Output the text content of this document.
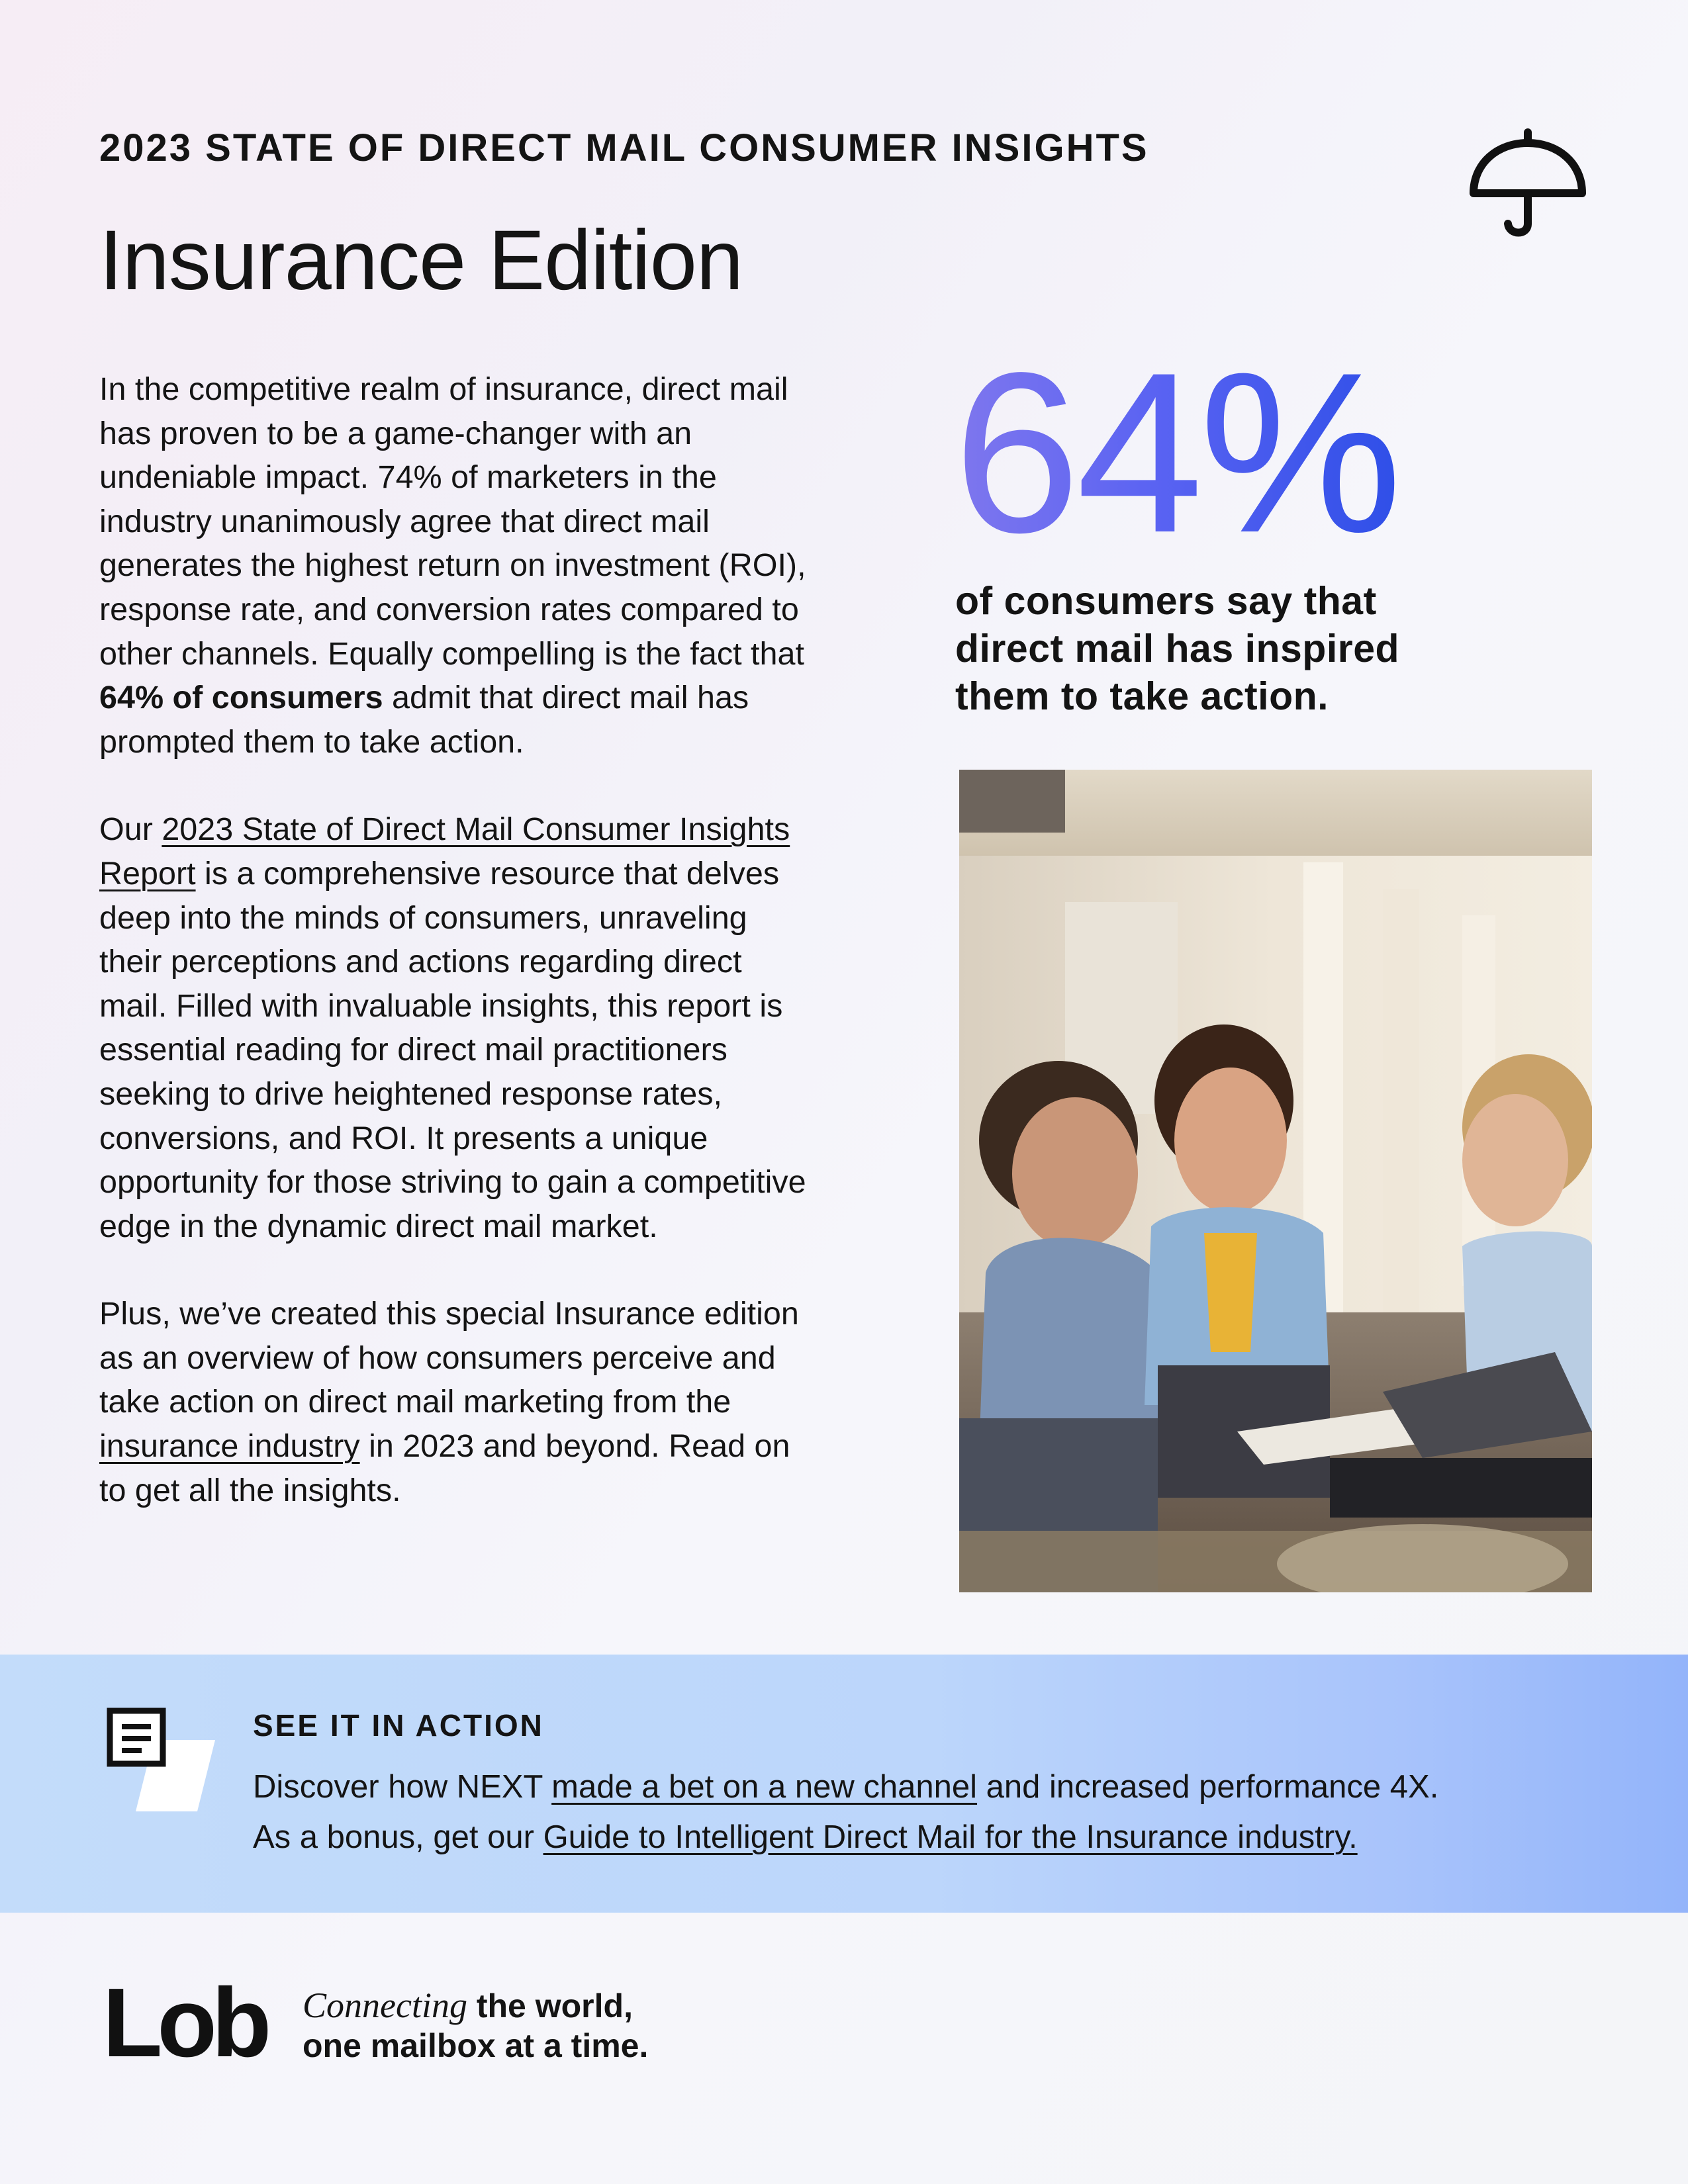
2023 STATE OF DIRECT MAIL CONSUMER INSIGHTS
Insurance Edition

In the competitive realm of insurance, direct mail has proven to be a game-changer with an undeniable impact. 74% of marketers in the industry unanimously agree that direct mail generates the highest return on investment (ROI), response rate, and conversion rates compared to other channels. Equally compelling is the fact that 64% of consumers admit that direct mail has prompted them to take action.

Our 2023 State of Direct Mail Consumer Insights Report is a comprehensive resource that delves deep into the minds of consumers, unraveling their perceptions and actions regarding direct mail. Filled with invaluable insights, this report is essential reading for direct mail practitioners seeking to drive heightened response rates, conversions, and ROI. It presents a unique opportunity for those striving to gain a competitive edge in the dynamic direct mail market.

Plus, we’ve created this special Insurance edition as an overview of how consumers perceive and take action on direct mail marketing from the insurance industry in 2023 and beyond. Read on to get all the insights.

64%
of consumers say that direct mail has inspired them to take action.
SEE IT IN ACTION
Discover how NEXT made a bet on a new channel and increased performance 4X.
As a bonus, get our Guide to Intelligent Direct Mail for the Insurance industry.
Lob Connecting the world,
one mailbox at a time.
